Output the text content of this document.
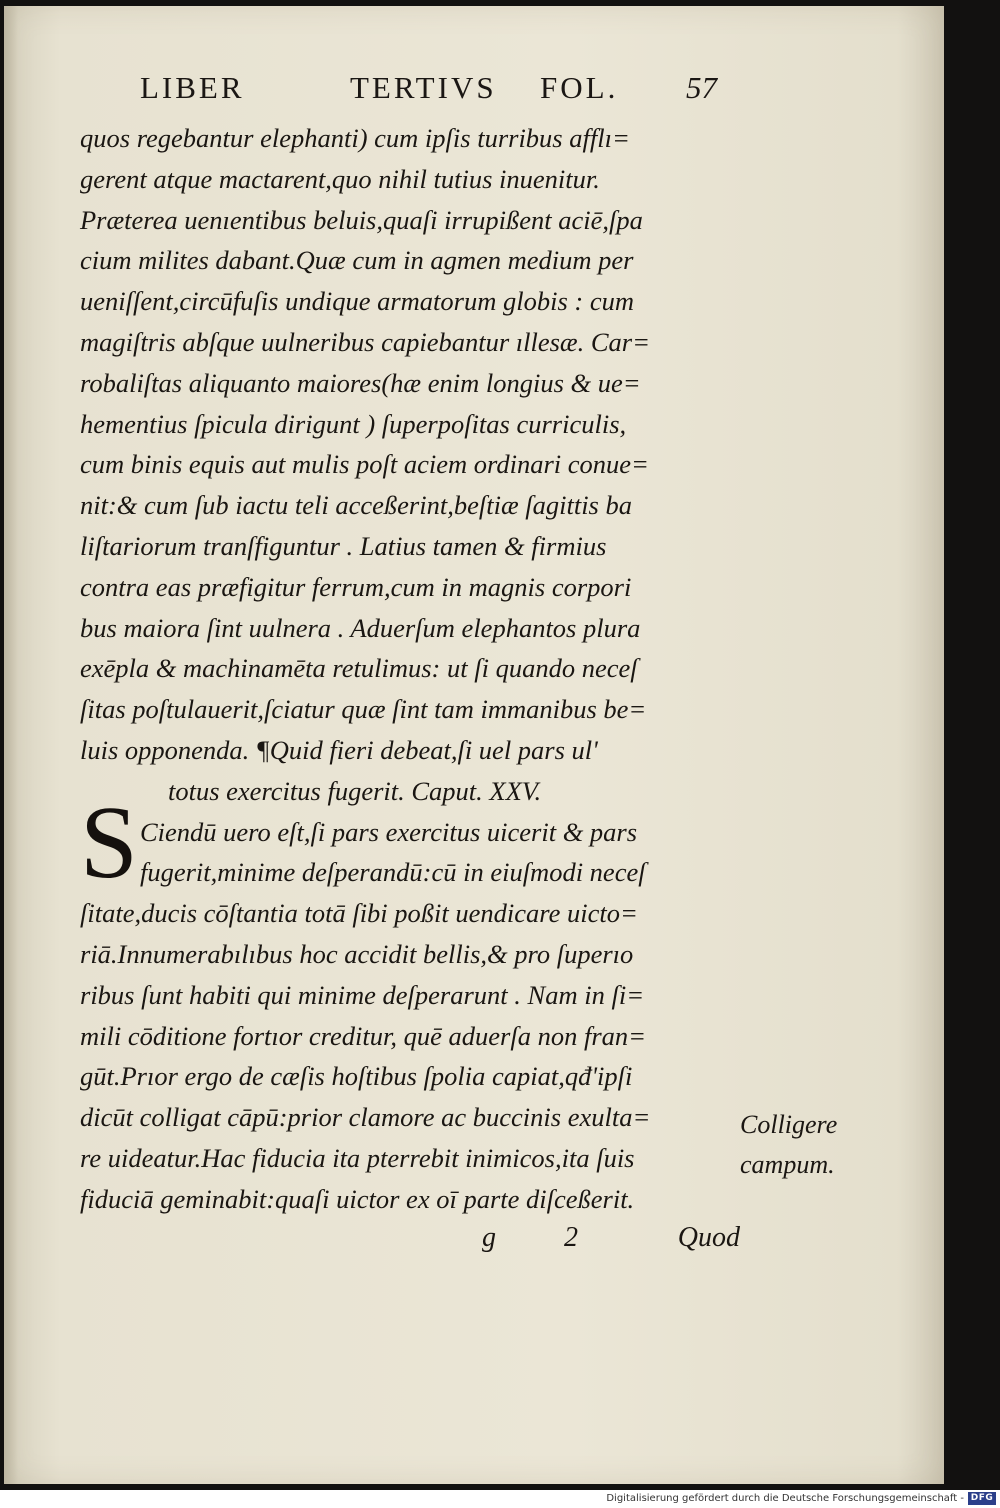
LIBER	TERTIVS FOL. 57
quos regebantur elephanti) cum ipſis turribus afflı=
gerent atque mactarent,quo nihil tutius inuenitur.
Prӕterea uenıentibus beluis,quaſi irrupißent aciē,ſpa
cium milites dabant.Quӕ cum in agmen medium per
ueniſſent,circūfuſis undique armatorum globis : cum
magiſtris abſque uulneribus capiebantur ıllesӕ. Car=
robaliſtas aliquanto maiores(hӕ enim longius & ue=
hementius ſpicula dirigunt ) ſuperpoſitas curriculis,
cum binis equis aut mulis poſt aciem ordinari conue=
nit:& cum ſub iactu teli acceßerint,beſtiӕ ſagittis ba
liſtariorum tranſfiguntur . Latius tamen & firmius
contra eas prӕfigitur ferrum,cum in magnis corpori
bus maiora ſint uulnera . Aduerſum elephantos plura
exēpla & machinamēta retulimus: ut ſi quando neceſ
ſitas poſtulauerit,ſciatur quӕ ſint tam immanibus be=
luis opponenda. ¶Quid fieri debeat,ſi uel pars ul'
totus exercitus fugerit. Caput. XXV.
Ciendū uero eſt,ſi pars exercitus uicerit & pars
fugerit,minime deſperandū:cū in eiuſmodi neceſ
ſitate,ducis cōſtantia totā ſibi poßit uendicare uicto=
riā.Innumerabılıbus hoc accidit bellis,& pro ſuperıo
ribus ſunt habiti qui minime deſperarunt . Nam in ſi=
mili cōditione fortıor creditur, quē aduerſa non fran=
gūt.Prıor ergo de cӕſis hoſtibus ſpolia capiat,qđ'ipſi
dicūt colligat cāpū:prior clamore ac buccinis exulta=
re uideatur.Hac fiducia ita pterrebit inimicos,ita ſuis
fiduciā geminabit:quaſi uictor ex oī parte diſceßerit.
S
Colligere
campum.
g 2	Quod
Digitalisierung gefördert durch die Deutsche Forschungsgemeinschaft - DFG
